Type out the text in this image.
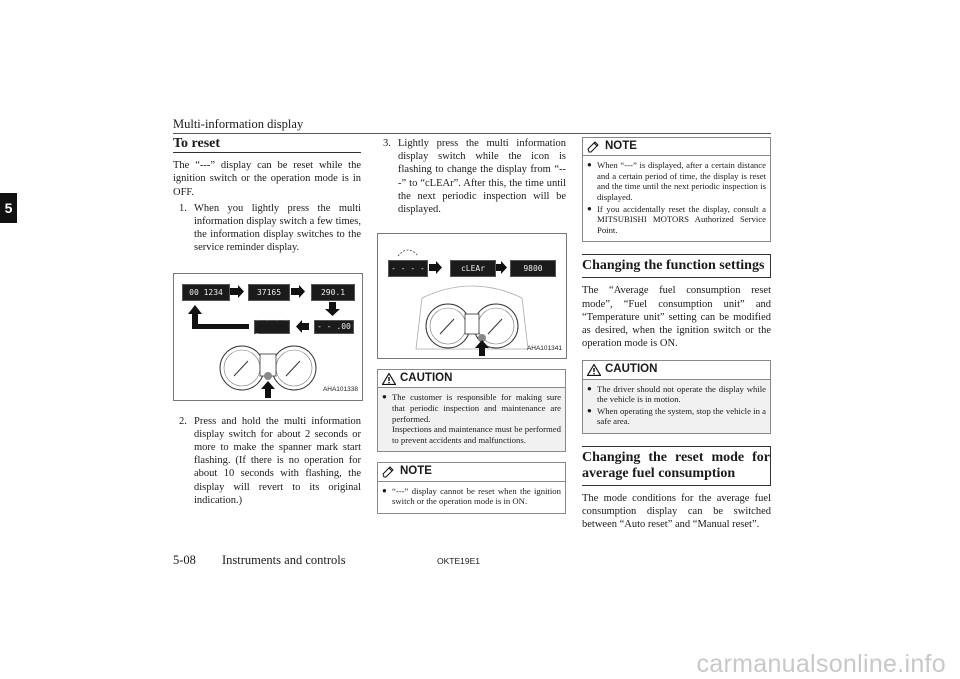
Multi-information display
5
To reset

The “---” display can be reset while the ignition switch or the operation mode is in OFF.

1. When you lightly press the multi information display switch a few times, the information display switches to the service reminder display.
00 1234	37165	290.1
- - - - -
- - .00
AHA101338
2. Press and hold the multi information display switch for about 2 seconds or more to make the spanner mark start flashing. (If there is no operation for about 10 seconds with flashing, the display will revert to its original indication.)
3. Lightly press the multi information display switch while the icon is flashing to change the display from “---” to “cLEAr”. After this, the time until the next periodic inspection will be displayed.
- - - -	cLEAr	9800
AHA101341
CAUTION
● The customer is responsible for making sure that periodic inspection and maintenance are performed.
Inspections and maintenance must be performed to prevent accidents and malfunctions.
NOTE
● “---” display cannot be reset when the ignition switch or the operation mode is in ON.
NOTE
● When “---” is displayed, after a certain distance and a certain period of time, the display is reset and the time until the next periodic inspection is displayed.
● If you accidentally reset the display, consult a MITSUBISHI MOTORS Authorized Service Point.
Changing the function settings

The “Average fuel consumption reset mode”, “Fuel consumption unit” and “Temperature unit” setting can be modified as desired, when the ignition switch or the operation mode is ON.

CAUTION
● The driver should not operate the display while the vehicle is in motion.
● When operating the system, stop the vehicle in a safe area.
Changing the reset mode for average fuel consumption

The mode conditions for the average fuel consumption display can be switched between “Auto reset” and “Manual reset”.

5-08 Instruments and controls	OKTE19E1
carmanualsonline.info
